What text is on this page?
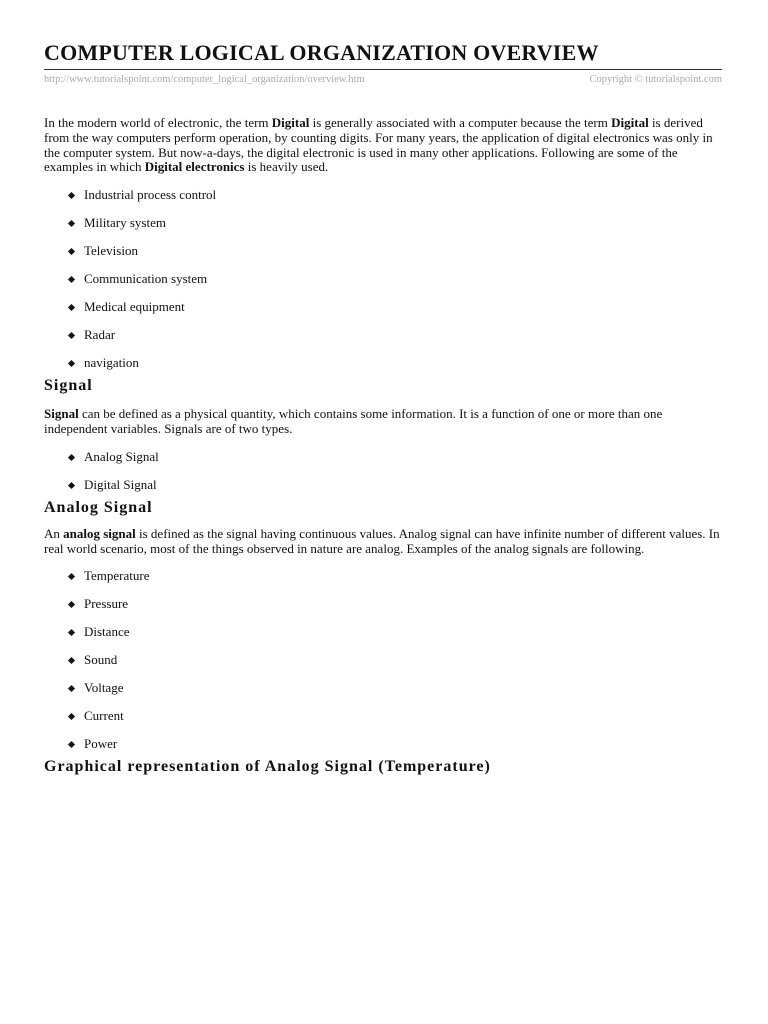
COMPUTER LOGICAL ORGANIZATION OVERVIEW
http://www.tutorialspoint.com/computer_logical_organization/overview.htm	Copyright © tutorialspoint.com

In the modern world of electronic, the term Digital is generally associated with a computer because the term Digital is derived from the way computers perform operation, by counting digits. For many years, the application of digital electronics was only in the computer system. But now-a-days, the digital electronic is used in many other applications. Following are some of the examples in which Digital electronics is heavily used.

Industrial process control
Military system
Television
Communication system
Medical equipment
Radar
navigation
Signal

Signal can be defined as a physical quantity, which contains some information. It is a function of one or more than one independent variables. Signals are of two types.

Analog Signal
Digital Signal
Analog Signal

An analog signal is defined as the signal having continuous values. Analog signal can have infinite number of different values. In real world scenario, most of the things observed in nature are analog. Examples of the analog signals are following.

Temperature
Pressure
Distance
Sound
Voltage
Current
Power
Graphical representation of Analog Signal (Temperature)
